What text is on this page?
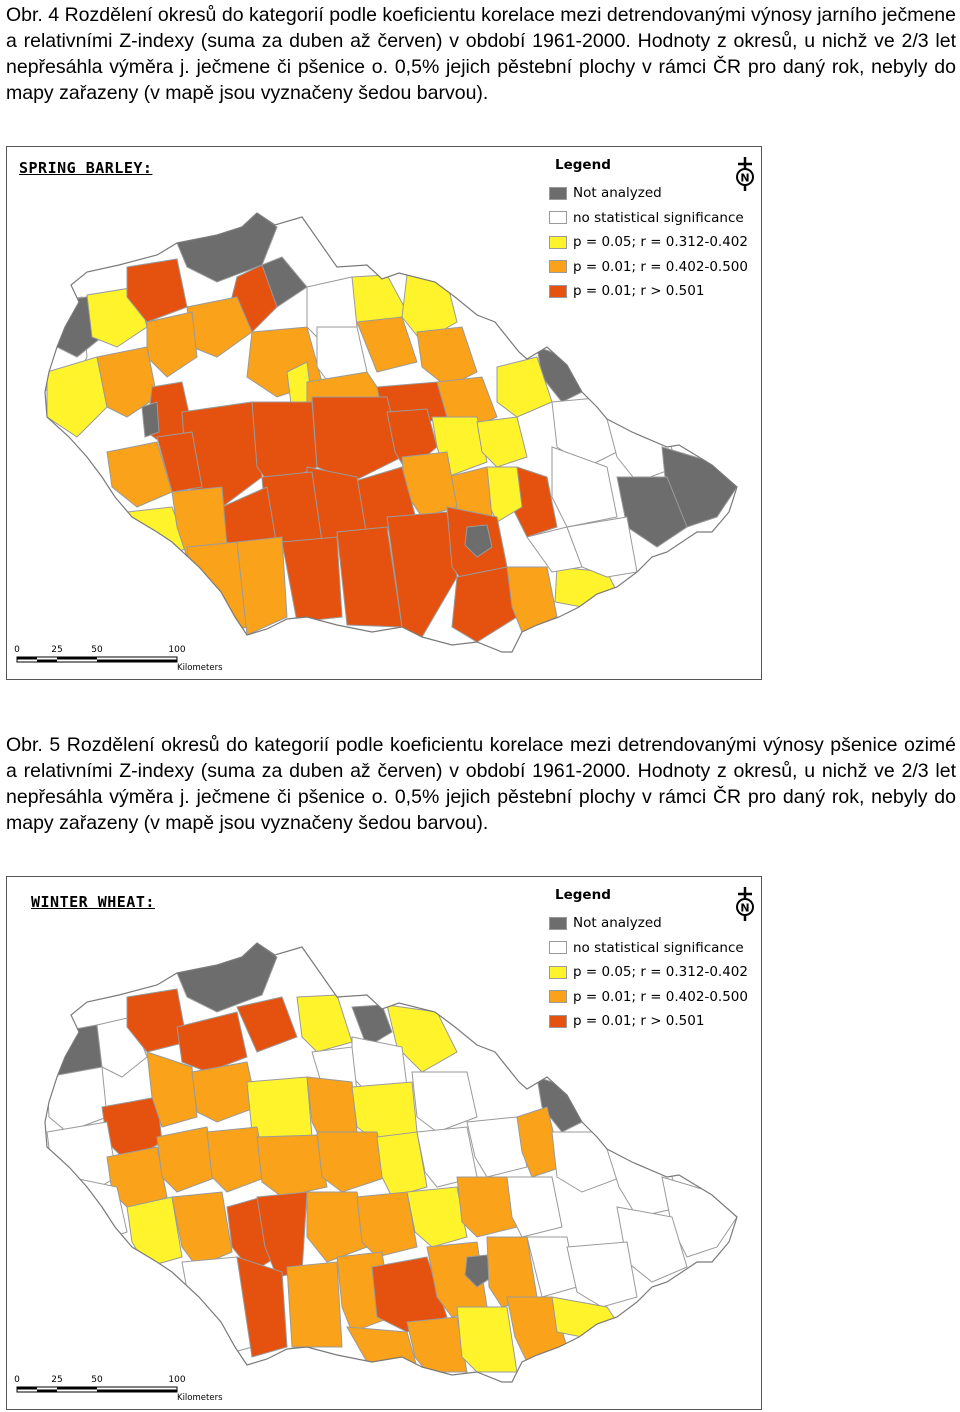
Obr. 4 Rozdělení okresů do kategorií podle koeficientu korelace mezi detrendovanými výnosy jarního ječmene a relativními Z-indexy (suma za duben až červen) v období 1961-2000. Hodnoty z okresů, u nichž ve 2/3 let nepřesáhla výměra j. ječmene či pšenice o. 0,5% jejich pěstební plochy v rámci ČR pro daný rok, nebyly do mapy zařazeny (v mapě jsou vyznačeny šedou barvou).

SPRING BARLEY:	Legend
Not analyzed
no statistical significance
p = 0.05; r = 0.312-0.402
p = 0.01; r = 0.402-0.500
p = 0.01; r > 0.501
N
0	25	50	100
Kilometers

Obr. 5 Rozdělení okresů do kategorií podle koeficientu korelace mezi detrendovanými výnosy pšenice ozimé a relativními Z-indexy (suma za duben až červen) v období 1961-2000. Hodnoty z okresů, u nichž ve 2/3 let nepřesáhla výměra j. ječmene či pšenice o. 0,5% jejich pěstební plochy v rámci ČR pro daný rok, nebyly do mapy zařazeny (v mapě jsou vyznačeny šedou barvou).

WINTER WHEAT:	Legend
Not analyzed
no statistical significance
p = 0.05; r = 0.312-0.402
p = 0.01; r = 0.402-0.500
p = 0.01; r > 0.501
N
0	25	50	100
Kilometers
